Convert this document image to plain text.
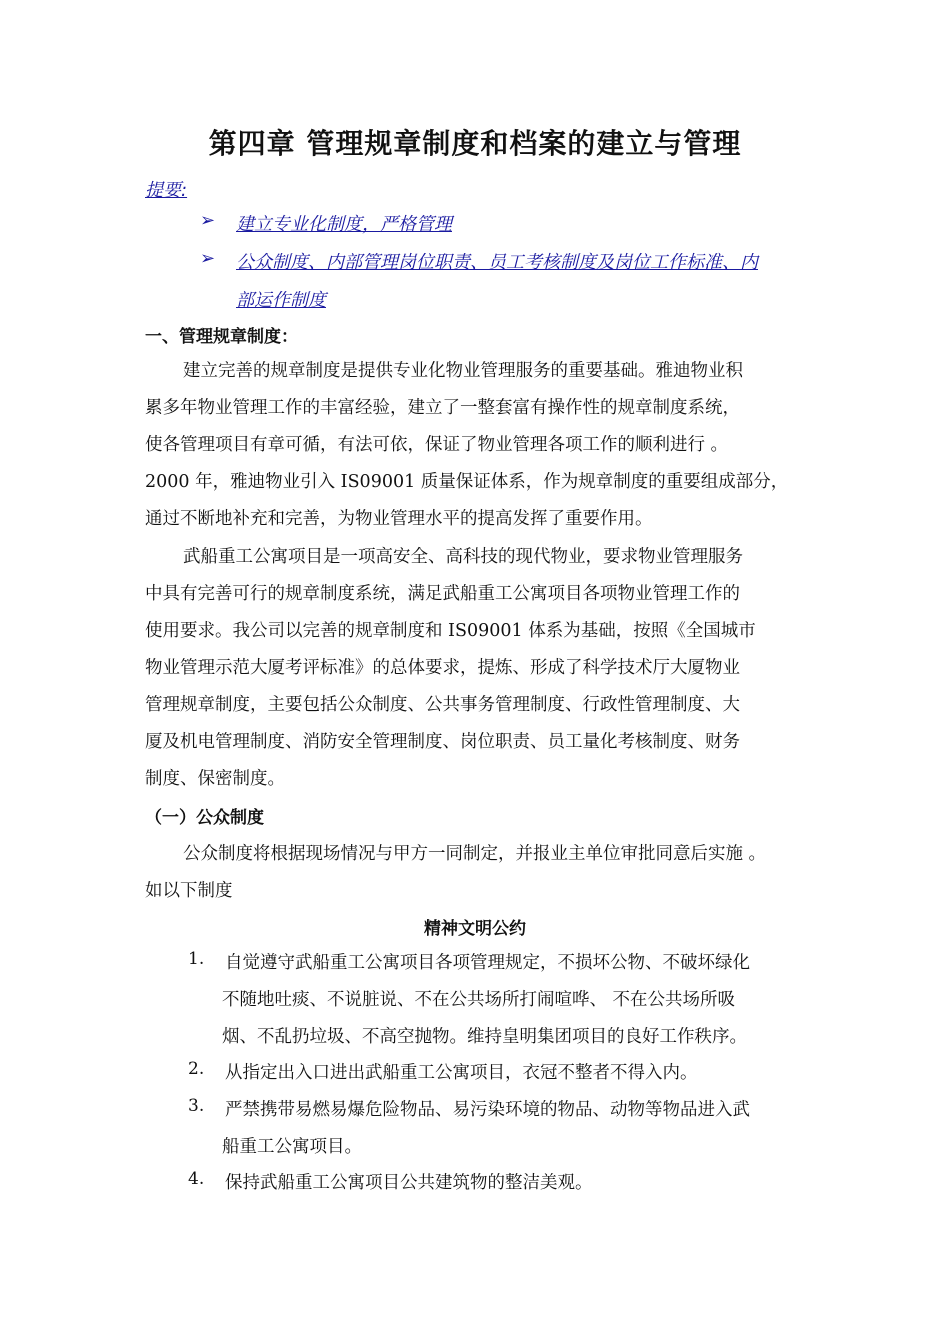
第四章 管理规章制度和档案的建立与管理
提要:
➢ 建立专业化制度，严格管理
➢ 公众制度、内部管理岗位职责、员工考核制度及岗位工作标准、内
部运作制度
一、管理规章制度：
建立完善的规章制度是提供专业化物业管理服务的重要基础。雅迪物业积
累多年物业管理工作的丰富经验，建立了一整套富有操作性的规章制度系统，
使各管理项目有章可循，有法可依，保证了物业管理各项工作的顺利进行 。
2000 年，雅迪物业引入 IS09001 质量保证体系，作为规章制度的重要组成部分，
通过不断地补充和完善，为物业管理水平的提高发挥了重要作用。
武船重工公寓项目是一项高安全、高科技的现代物业，要求物业管理服务
中具有完善可行的规章制度系统，满足武船重工公寓项目各项物业管理工作的
使用要求。我公司以完善的规章制度和 IS09001 体系为基础，按照《全国城市
物业管理示范大厦考评标准》的总体要求，提炼、形成了科学技术厅大厦物业
管理规章制度，主要包括公众制度、公共事务管理制度、行政性管理制度、大
厦及机电管理制度、消防安全管理制度、岗位职责、员工量化考核制度、财务
制度、保密制度。
（一）公众制度
公众制度将根据现场情况与甲方一同制定，并报业主单位审批同意后实施 。
如以下制度
精神文明公约
1. 自觉遵守武船重工公寓项目各项管理规定，不损坏公物、不破坏绿化
不随地吐痰、不说脏说、不在公共场所打闹喧哗、 不在公共场所吸
烟、不乱扔垃圾、不高空抛物。维持皇明集团项目的良好工作秩序。
2. 从指定出入口进出武船重工公寓项目，衣冠不整者不得入内。
3. 严禁携带易燃易爆危险物品、易污染环境的物品、动物等物品进入武
船重工公寓项目。
4. 保持武船重工公寓项目公共建筑物的整洁美观。
